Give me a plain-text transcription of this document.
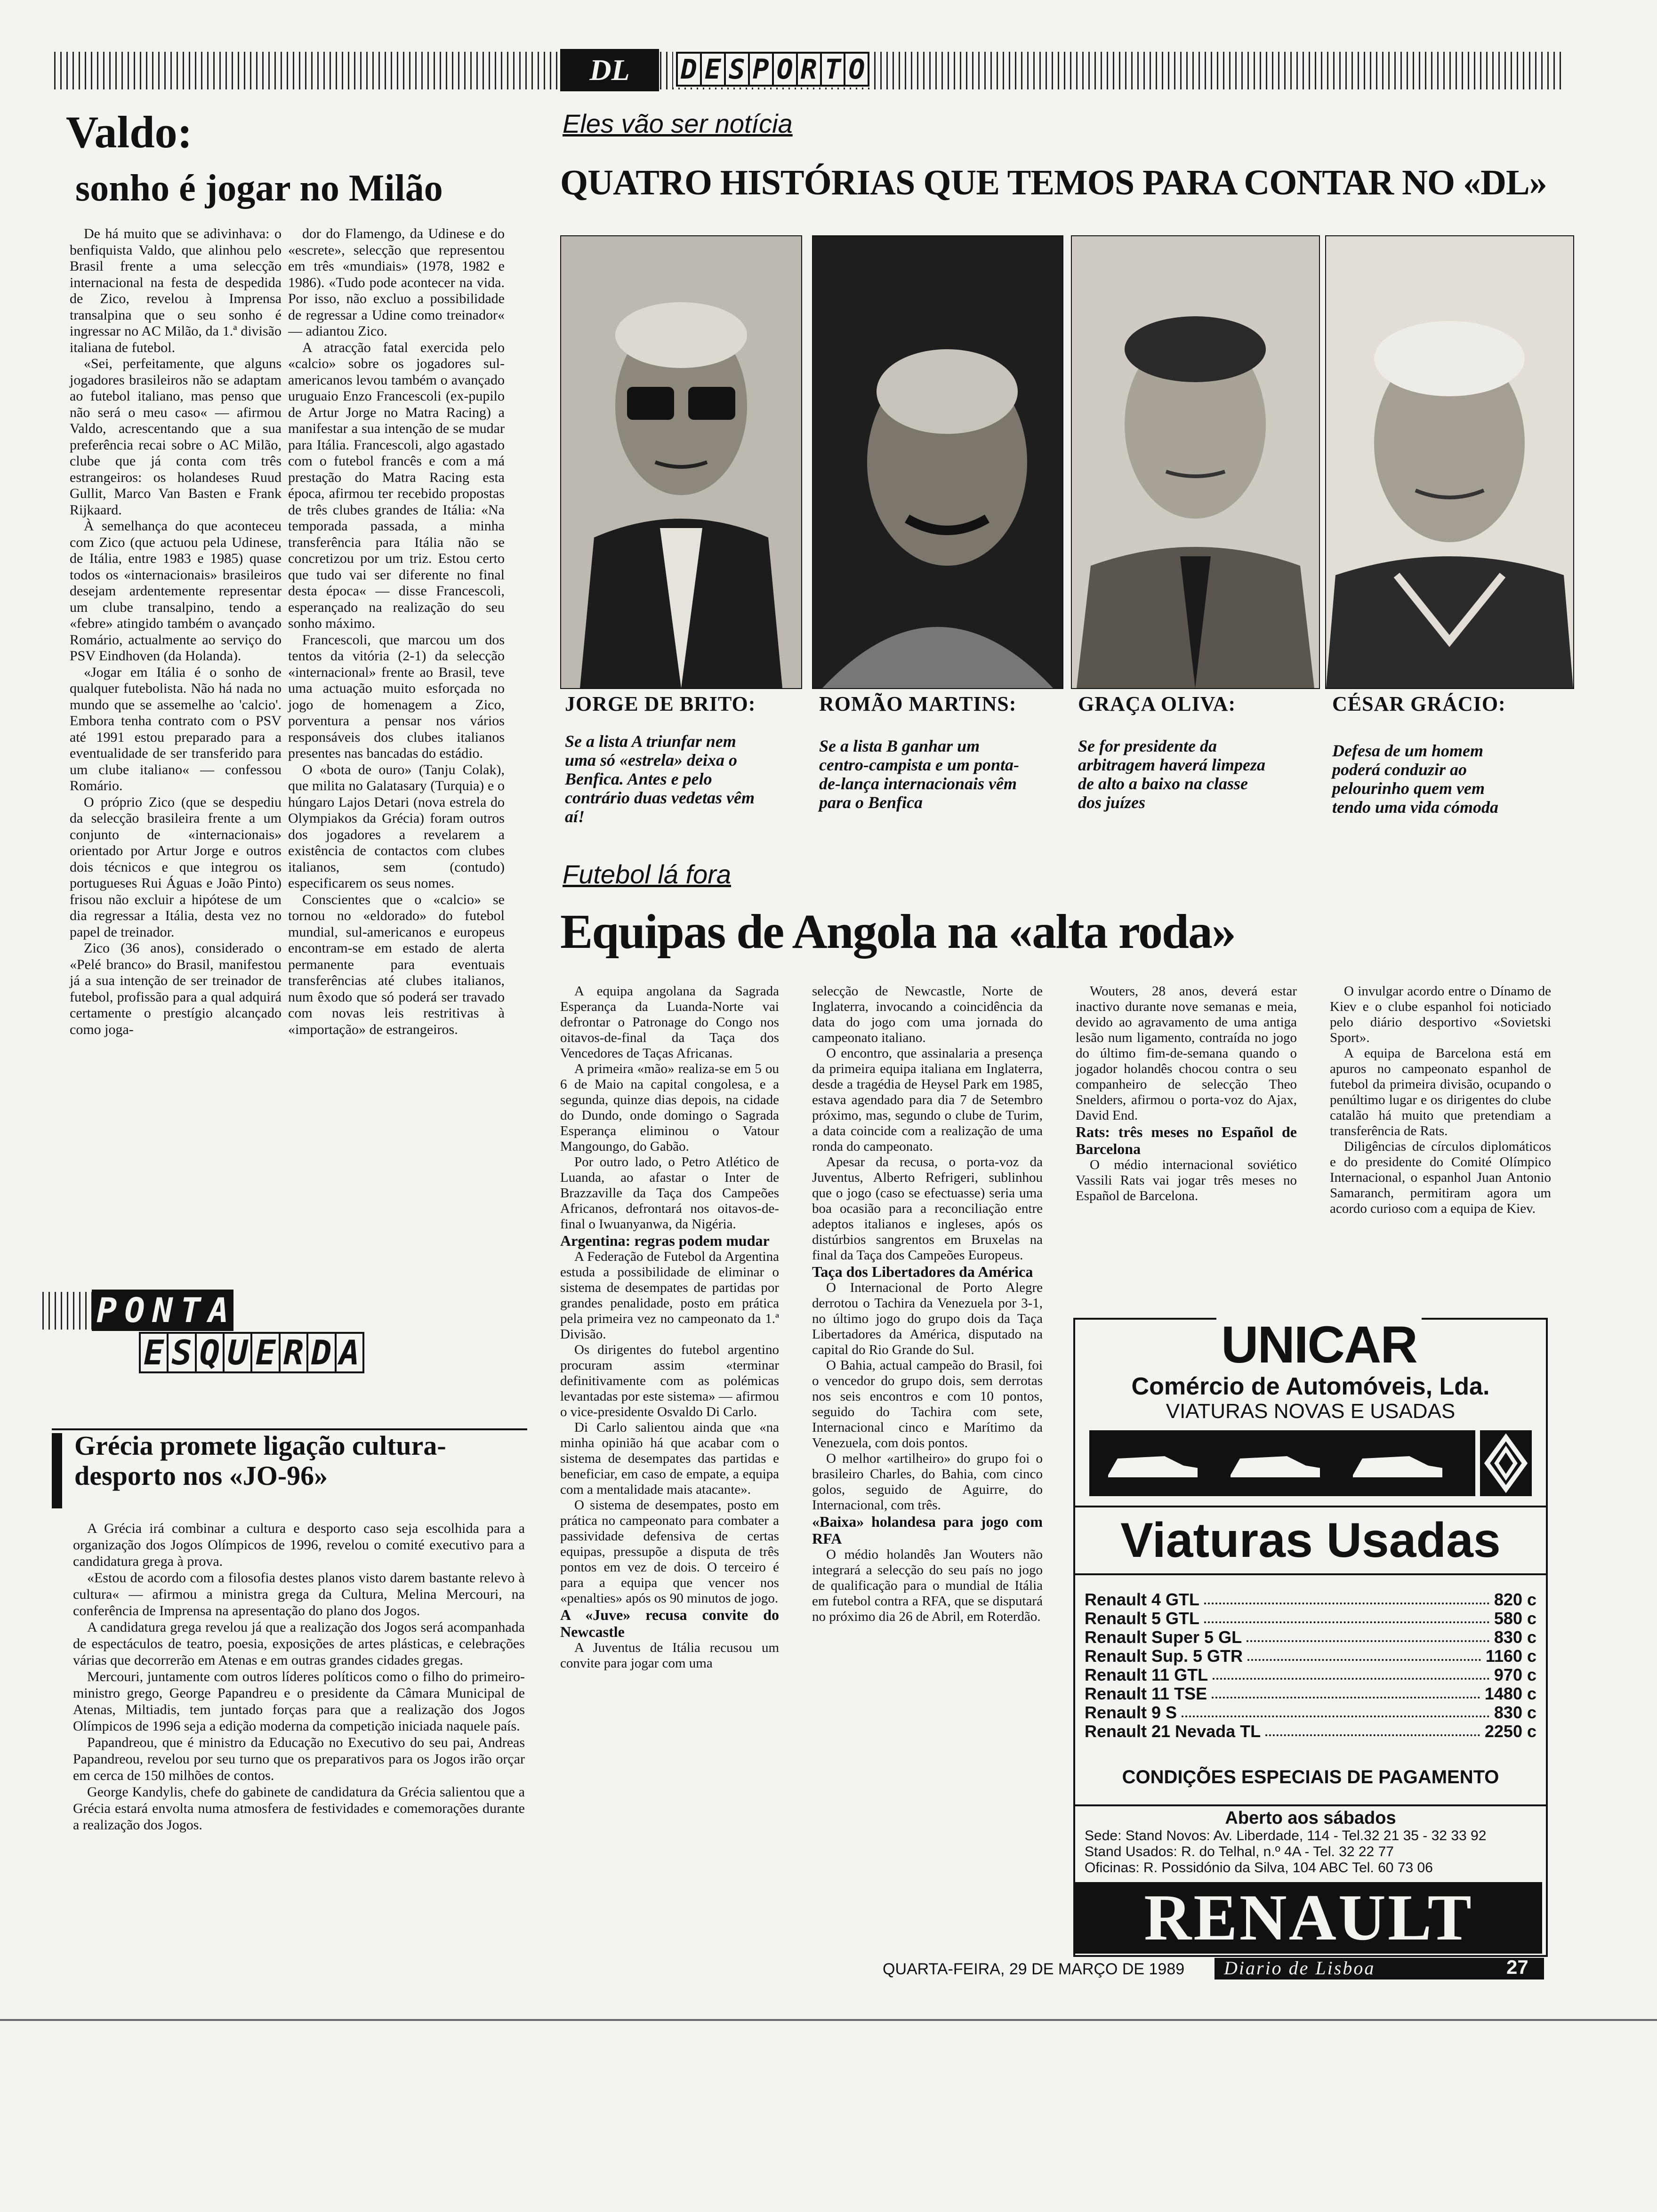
DL	D E S P O R T O
Valdo:
sonho é jogar no Milão

De há muito que se adivinhava: o benfiquista Valdo, que alinhou pelo Brasil frente a uma selecção internacional na festa de despedida de Zico, revelou à Imprensa transalpina que o seu sonho é ingressar no AC Milão, da 1.ª divisão italiana de futebol.

«Sei, perfeitamente, que alguns jogadores brasileiros não se adaptam ao futebol italiano, mas penso que não será o meu caso« — afirmou Valdo, acrescentando que a sua preferência recai sobre o AC Milão, clube que já conta com três estrangeiros: os holandeses Ruud Gullit, Marco Van Basten e Frank Rijkaard.

À semelhança do que aconteceu com Zico (que actuou pela Udinese, de Itália, entre 1983 e 1985) quase todos os «internacionais» brasileiros desejam ardentemente representar um clube transalpino, tendo a «febre» atingido também o avançado Romário, actualmente ao serviço do PSV Eindhoven (da Holanda).

«Jogar em Itália é o sonho de qualquer futebolista. Não há nada no mundo que se assemelhe ao 'calcio'. Embora tenha contrato com o PSV até 1991 estou preparado para a eventualidade de ser transferido para um clube italiano« — confessou Romário.

O próprio Zico (que se despediu da selecção brasileira frente a um conjunto de «internacionais» orientado por Artur Jorge e outros dois técnicos e que integrou os portugueses Rui Águas e João Pinto) frisou não excluir a hipótese de um dia regressar a Itália, desta vez no papel de treinador.

Zico (36 anos), considerado o «Pelé branco» do Brasil, manifestou já a sua intenção de ser treinador de futebol, profissão para a qual adquirá certamente o prestígio alcançado como joga-

dor do Flamengo, da Udinese e do «escrete», selecção que representou em três «mundiais» (1978, 1982 e 1986). «Tudo pode acontecer na vida. Por isso, não excluo a possibilidade de regressar a Udine como treinador« — adiantou Zico.

A atracção fatal exercida pelo «calcio» sobre os jogadores sul-americanos levou também o avançado uruguaio Enzo Francescoli (ex-pupilo de Artur Jorge no Matra Racing) a manifestar a sua intenção de se mudar para Itália. Francescoli, algo agastado com o futebol francês e com a má prestação do Matra Racing esta época, afirmou ter recebido propostas de três clubes grandes de Itália: «Na temporada passada, a minha transferência para Itália não se concretizou por um triz. Estou certo que tudo vai ser diferente no final desta época« — disse Francescoli, esperançado na realização do seu sonho máximo.

Francescoli, que marcou um dos tentos da vitória (2-1) da selecção «internacional» frente ao Brasil, teve uma actuação muito esforçada no jogo de homenagem a Zico, porventura a pensar nos vários responsáveis dos clubes italianos presentes nas bancadas do estádio.

O «bota de ouro» (Tanju Colak), que milita no Galatasary (Turquia) e o húngaro Lajos Detari (nova estrela do Olympiakos da Grécia) foram outros dos jogadores a revelarem a existência de contactos com clubes italianos, sem (contudo) especificarem os seus nomes.

Conscientes que o «calcio» se tornou no «eldorado» do futebol mundial, sul-americanos e europeus encontram-se em estado de alerta permanente para eventuais transferências até clubes italianos, num êxodo que só poderá ser travado com novas leis restritivas à «importação» de estrangeiros.

Eles vão ser notícia
QUATRO HISTÓRIAS QUE TEMOS PARA CONTAR NO «DL»
JORGE DE BRITO:	ROMÃO MARTINS:	GRAÇA OLIVA:	CÉSAR GRÁCIO:
Se a lista A triunfar nem uma só «estrela» deixa o Benfica. Antes e pelo contrário duas vedetas vêm aí!
Se a lista B ganhar um centro-campista e um ponta-de-lança internacionais vêm para o Benfica
Se for presidente da arbitragem haverá limpeza de alto a baixo na classe dos juízes
Defesa de um homem poderá conduzir ao pelourinho quem vem tendo uma vida cómoda
Futebol lá fora
Equipas de Angola na «alta roda»

A equipa angolana da Sagrada Esperança da Luanda-Norte vai defrontar o Patronage do Congo nos oitavos-de-final da Taça dos Vencedores de Taças Africanas.

A primeira «mão» realiza-se em 5 ou 6 de Maio na capital congolesa, e a segunda, quinze dias depois, na cidade do Dundo, onde domingo o Sagrada Esperança eliminou o Vatour Mangoungo, do Gabão.

Por outro lado, o Petro Atlético de Luanda, ao afastar o Inter de Brazzaville da Taça dos Campeões Africanos, defrontará nos oitavos-de-final o Iwuanyanwa, da Nigéria.

Argentina: regras podem mudar

A Federação de Futebol da Argentina estuda a possibilidade de eliminar o sistema de desempates de partidas por grandes penalidade, posto em prática pela primeira vez no campeonato da 1.ª Divisão.

Os dirigentes do futebol argentino procuram assim «terminar definitivamente com as polémicas levantadas por este sistema» — afirmou o vice-presidente Osvaldo Di Carlo.

Di Carlo salientou ainda que «na minha opinião há que acabar com o sistema de desempates das partidas e beneficiar, em caso de empate, a equipa com a mentalidade mais atacante».

O sistema de desempates, posto em prática no campeonato para combater a passividade defensiva de certas equipas, pressupõe a disputa de três pontos em vez de dois. O terceiro é para a equipa que vencer nos «penalties» após os 90 minutos de jogo.

A «Juve» recusa convite do Newcastle

A Juventus de Itália recusou um convite para jogar com uma

selecção de Newcastle, Norte de Inglaterra, invocando a coincidência da data do jogo com uma jornada do campeonato italiano.

O encontro, que assinalaria a presença da primeira equipa italiana em Inglaterra, desde a tragédia de Heysel Park em 1985, estava agendado para dia 7 de Setembro próximo, mas, segundo o clube de Turim, a data coincide com a realização de uma ronda do campeonato.

Apesar da recusa, o porta-voz da Juventus, Alberto Refrigeri, sublinhou que o jogo (caso se efectuasse) seria uma boa ocasião para a reconciliação entre adeptos italianos e ingleses, após os distúrbios sangrentos em Bruxelas na final da Taça dos Campeões Europeus.

Taça dos Libertadores da América

O Internacional de Porto Alegre derrotou o Tachira da Venezuela por 3-1, no último jogo do grupo dois da Taça Libertadores da América, disputado na capital do Rio Grande do Sul.

O Bahia, actual campeão do Brasil, foi o vencedor do grupo dois, sem derrotas nos seis encontros e com 10 pontos, seguido do Tachira com sete, Internacional cinco e Marítimo da Venezuela, com dois pontos.

O melhor «artilheiro» do grupo foi o brasileiro Charles, do Bahia, com cinco golos, seguido de Aguirre, do Internacional, com três.

«Baixa» holandesa para jogo com RFA

O médio holandês Jan Wouters não integrará a selecção do seu país no jogo de qualificação para o mundial de Itália em futebol contra a RFA, que se disputará no próximo dia 26 de Abril, em Roterdão.

Wouters, 28 anos, deverá estar inactivo durante nove semanas e meia, devido ao agravamento de uma antiga lesão num ligamento, contraída no jogo do último fim-de-semana quando o jogador holandês chocou contra o seu companheiro de selecção Theo Snelders, afirmou o porta-voz do Ajax, David End.

Rats: três meses no Español de Barcelona

O médio internacional soviético Vassili Rats vai jogar três meses no Español de Barcelona.

O invulgar acordo entre o Dínamo de Kiev e o clube espanhol foi noticiado pelo diário desportivo «Sovietski Sport».

A equipa de Barcelona está em apuros no campeonato espanhol de futebol da primeira divisão, ocupando o penúltimo lugar e os dirigentes do clube catalão há muito que pretendiam a transferência de Rats.

Diligências de círculos diplomáticos e do presidente do Comité Olímpico Internacional, o espanhol Juan Antonio Samaranch, permitiram agora um acordo curioso com a equipa de Kiev.

P O N T A
E S Q U E R D A
Grécia promete ligação cultura-desporto nos «JO-96»

A Grécia irá combinar a cultura e desporto caso seja escolhida para a organização dos Jogos Olímpicos de 1996, revelou o comité executivo para a candidatura grega à prova.

«Estou de acordo com a filosofia destes planos visto darem bastante relevo à cultura« — afirmou a ministra grega da Cultura, Melina Mercouri, na conferência de Imprensa na apresentação do plano dos Jogos.

A candidatura grega revelou já que a realização dos Jogos será acompanhada de espectáculos de teatro, poesia, exposições de artes plásticas, e celebrações várias que decorrerão em Atenas e em outras grandes cidades gregas.

Mercouri, juntamente com outros líderes políticos como o filho do primeiro-ministro grego, George Papandreu e o presidente da Câmara Municipal de Atenas, Miltiadis, tem juntado forças para que a realização dos Jogos Olímpicos de 1996 seja a edição moderna da competição iniciada naquele país.

Papandreou, que é ministro da Educação no Executivo do seu pai, Andreas Papandreou, revelou por seu turno que os preparativos para os Jogos irão orçar em cerca de 150 milhões de contos.

George Kandylis, chefe do gabinete de candidatura da Grécia salientou que a Grécia estará envolta numa atmosfera de festividades e comemorações durante a realização dos Jogos.

UNICAR
Comércio de Automóveis, Lda.
VIATURAS NOVAS E USADAS
Viaturas Usadas
Renault 4 GTL	820 c
Renault 5 GTL	580 c
Renault Super 5 GL	830 c
Renault Sup. 5 GTR	1160 c
Renault 11 GTL	970 c
Renault 11 TSE	1480 c
Renault 9 S	830 c
Renault 21 Nevada TL	2250 c
CONDIÇÕES ESPECIAIS DE PAGAMENTO
Aberto aos sábados
Sede: Stand Novos: Av. Liberdade, 114 - Tel.32 21 35 - 32 33 92
Stand Usados: R. do Telhal, n.º 4A - Tel. 32 22 77
Oficinas: R. Possidónio da Silva, 104 ABC Tel. 60 73 06
RENAULT
QUARTA-FEIRA, 29 DE MARÇO DE 1989 Diario de Lisboa	27
